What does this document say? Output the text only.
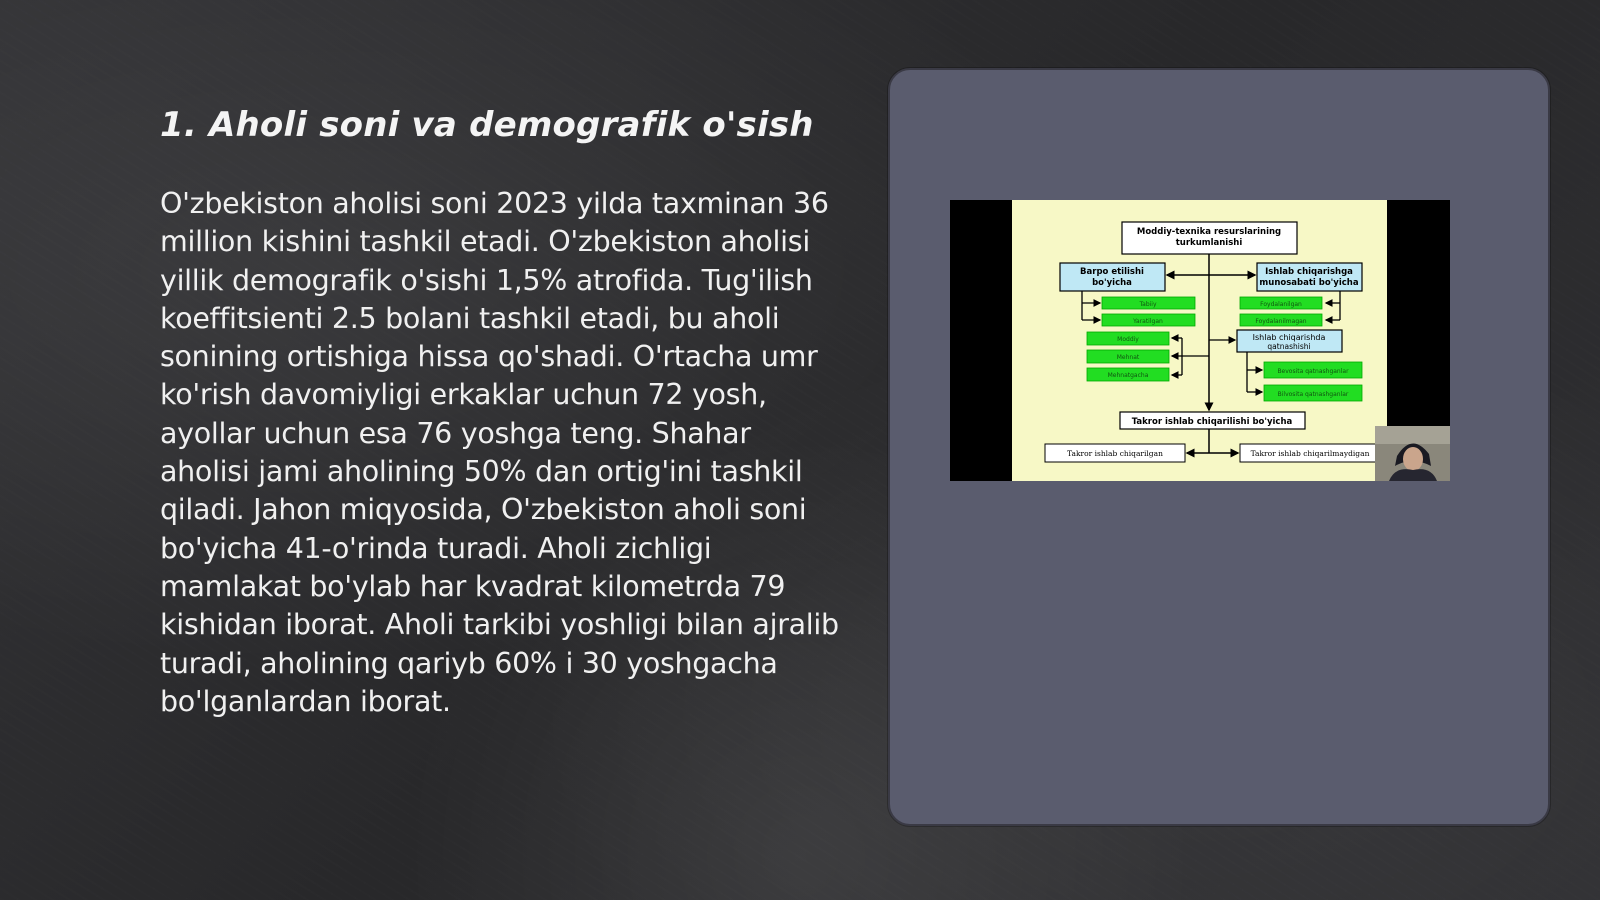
1. Aholi soni va demografik o'sish

O'zbekiston aholisi soni 2023 yilda taxminan 36 million kishini tashkil etadi. O'zbekiston aholisi yillik demografik o'sishi 1,5% atrofida. Tug'ilish koeffitsienti 2.5 bolani tashkil etadi, bu aholi sonining ortishiga hissa qo'shadi. O'rtacha umr ko'rish davomiyligi erkaklar uchun 72 yosh, ayollar uchun esa 76 yoshga teng. Shahar aholisi jami aholining 50% dan ortig'ini tashkil qiladi. Jahon miqyosida, O'zbekiston aholi soni bo'yicha 41-o'rinda turadi. Aholi zichligi mamlakat bo'ylab har kvadrat kilometrda 79 kishidan iborat. Aholi tarkibi yoshligi bilan ajralib turadi, aholining qariyb 60% i 30 yoshgacha bo'lganlardan iborat.

Moddiy-texnika resurslarining
turkumlanishi
Barpo etilishi
bo'yicha
Ishlab chiqarishga
munosabati bo'yicha
Tabiiy
Yaratilgan
Moddiy
Mehnat
Mehnatgacha
Foydalanilgan
Foydalanilmagan
Ishlab chiqarishda
qatnashishi
Bevosita qatnashganlar
Bilvosita qatnashganlar
Takror ishlab chiqarilishi bo'yicha
Takror ishlab chiqarilgan	Takror ishlab chiqarilmaydigan
